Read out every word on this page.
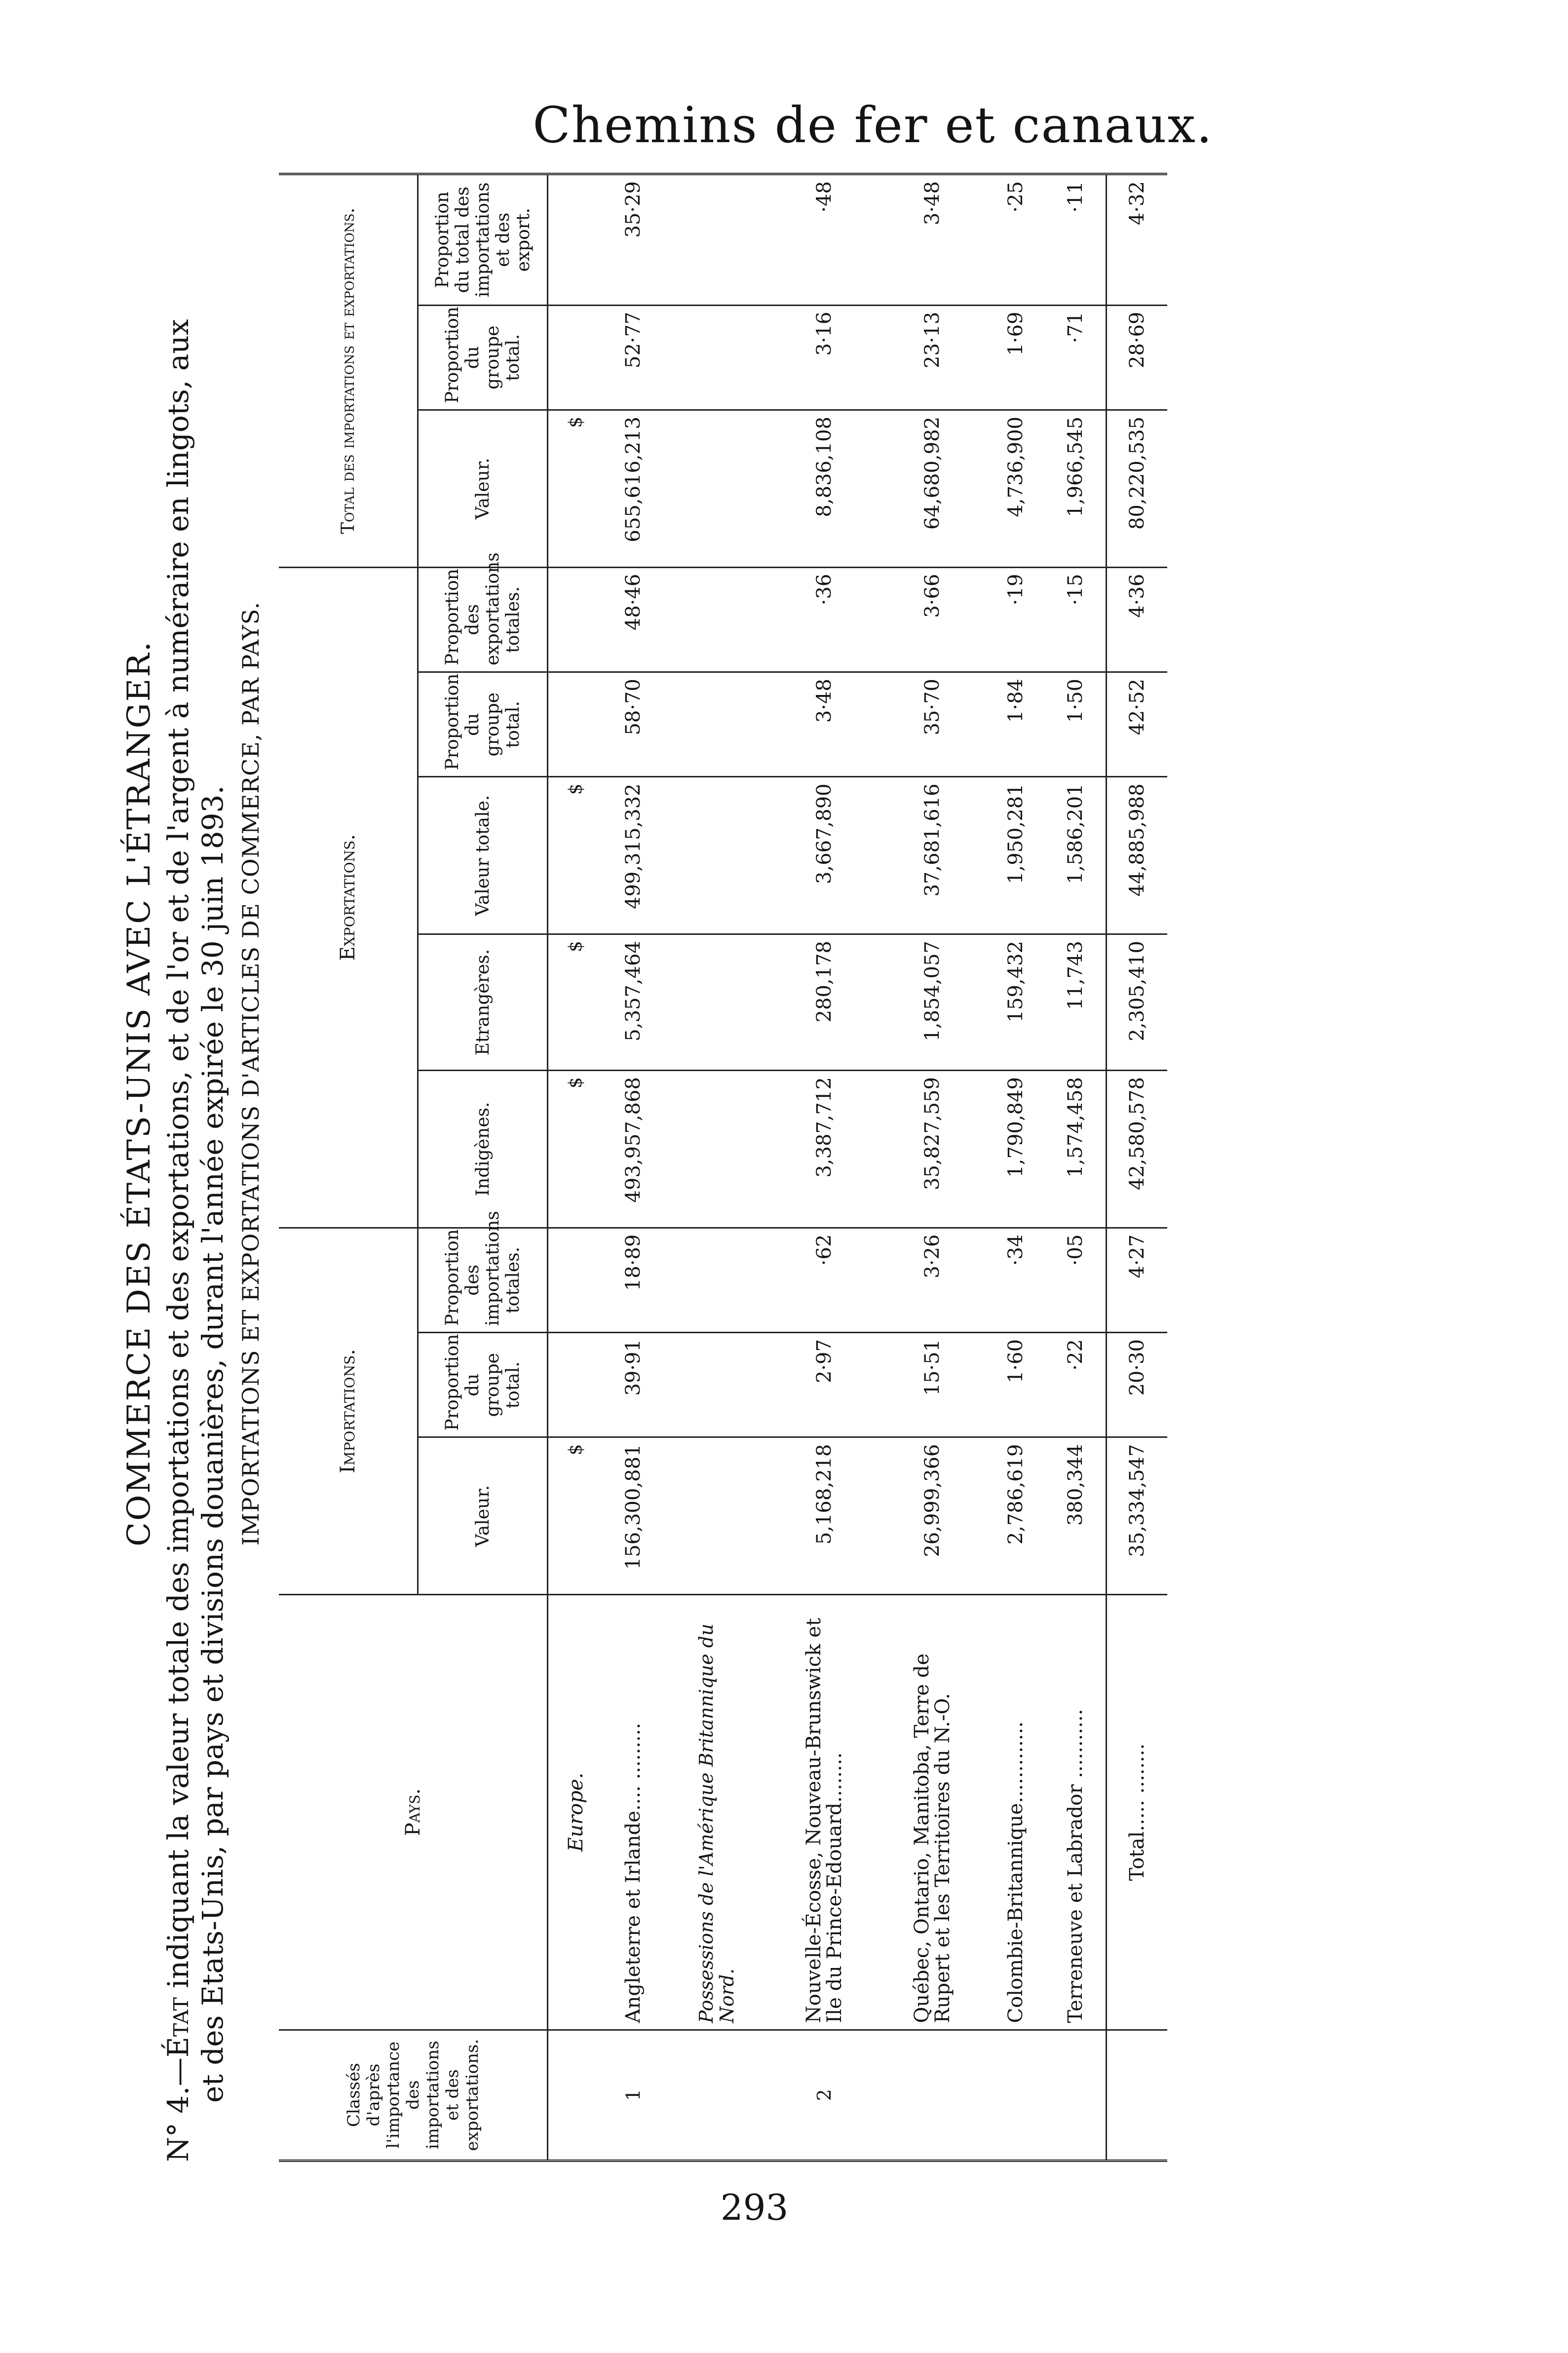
Chemins de fer et canaux.
COMMERCE DES ÉTATS-UNIS AVEC L'ÉTRANGER.
N° 4.—État indiquant la valeur totale des importations et des exportations, et de l'or et de l'argent à numéraire en lingots, aux et des Etats-Unis, par pays et divisions douanières, durant l'année expirée le 30 juin 1893. IMPORTATIONS ET EXPORTATIONS D'ARTICLES DE COMMERCE, PAR PAYS.
Classés d'après l'importance des importations et des exportations.	Pays.	Importations.			Exportations.					Total des importations et exportations.		
		Valeur.	Proportion du groupe total.	Proportion des importations totales.	Indigènes.	Etrangères.	Valeur totale.	Proportion du groupe total.	Proportion des exportations totales.	Valeur.	Proportion du groupe total.	Proportion du total des importations et des export.
	Europe.	$			$	$	$			$		
1	Angleterre et Irlande.... .........	156,300,881	39·91	18·89	493,957,868	5,357,464	499,315,332	58·70	48·46	655,616,213	52·77	35·29
	Possessions de l'Amérique Britannique du Nord.											
2	Nouvelle-Écosse, Nouveau-Brunswick et Ile du Prince-Edouard........	5,168,218	2·97	·62	3,387,712	280,178	3,667,890	3·48	·36	8,836,108	3·16	·48
	Québec, Ontario, Manitoba, Terre de Rupert et les Territoires du N.-O.	26,999,366	15·51	3·26	35,827,559	1,854,057	37,681,616	35·70	3·66	64,680,982	23·13	3·48
	Colombie-Britannique.............	2,786,619	1·60	·34	1,790,849	159,432	1,950,281	1·84	·19	4,736,900	1·69	·25
	Terreneuve et Labrador ...........	380,344	·22	·05	1,574,458	11,743	1,586,201	1·50	·15	1,966,545	·71	·11
	Total..... ........	35,334,547	20·30	4·27	42,580,578	2,305,410	44,885,988	42·52	4·36	80,220,535	28·69	4·32
293
